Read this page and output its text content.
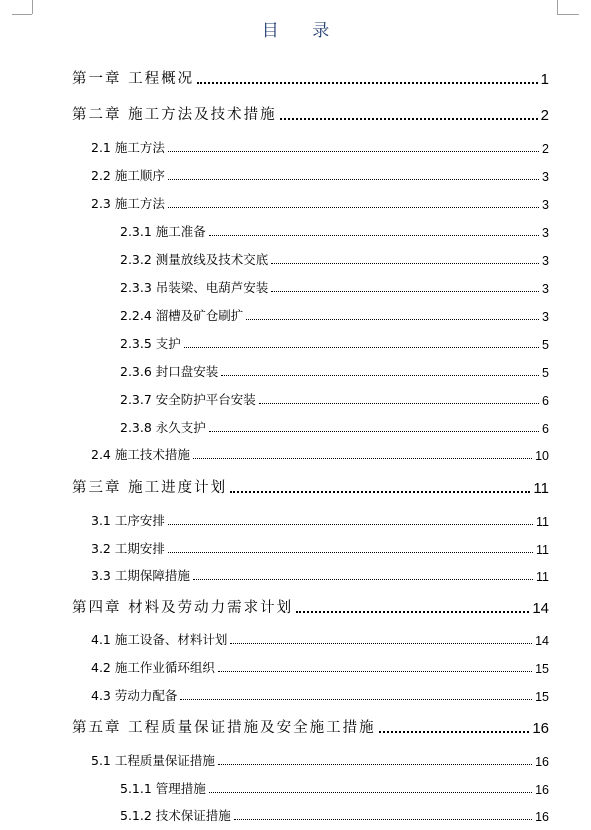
目 录
第一章 工程概况	1
第二章 施工方法及技术措施	2
2.1 施工方法	2
2.2 施工顺序	3
2.3 施工方法	3
2.3.1 施工准备	3
2.3.2 测量放线及技术交底	3
2.3.3 吊装梁、电葫芦安装	3
2.2.4 溜槽及矿仓刷扩	3
2.3.5 支护	5
2.3.6 封口盘安装	5
2.3.7 安全防护平台安装	6
2.3.8 永久支护	6
2.4 施工技术措施	10
第三章 施工进度计划	11
3.1 工序安排	11
3.2 工期安排	11
3.3 工期保障措施	11
第四章 材料及劳动力需求计划	14
4.1 施工设备、材料计划	14
4.2 施工作业循环组织	15
4.3 劳动力配备	15
第五章 工程质量保证措施及安全施工措施	16
5.1 工程质量保证措施	16
5.1.1 管理措施	16
5.1.2 技术保证措施	16
